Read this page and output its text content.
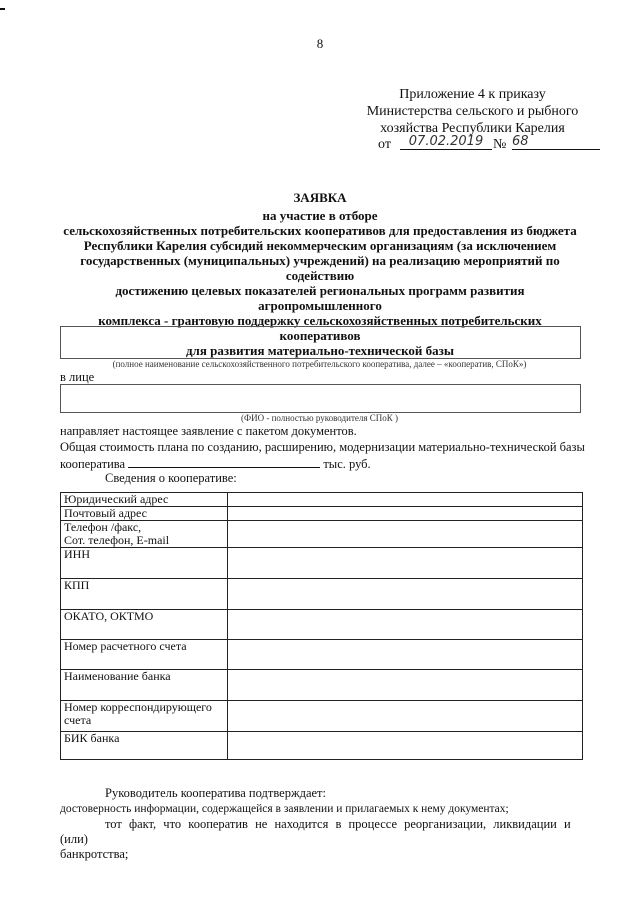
8
Приложение 4 к приказу
Министерства сельского и рыбного
хозяйства Республики Карелия
от	07.02.2019 № 68
ЗАЯВКА
на участие в отборе
сельскохозяйственных потребительских кооперативов для предоставления из бюджета
Республики Карелия субсидий некоммерческим организациям (за исключением
государственных (муниципальных) учреждений) на реализацию мероприятий по содействию
достижению целевых показателей региональных программ развития агропромышленного
комплекса - грантовую поддержку сельскохозяйственных потребительских кооперативов
для развития материально-технической базы
(полное наименование сельскохозяйственного потребительского кооператива, далее – «кооператив, СПоК»)
в лице
(ФИО - полностью руководителя СПоК )
направляет настоящее заявление с пакетом документов.
Общая стоимость плана по созданию, расширению, модернизации материально-технической базы
кооператива	тыс. руб.
Сведения о кооперативе:
Юридический адрес	
Почтовый адрес	
Телефон /факс,
Сот. телефон, E-mail	
ИНН	
КПП	
ОКАТО, ОКТМО	
Номер расчетного счета	
Наименование банка	
Номер корреспондирующего
счета	
БИК банка	

Руководитель кооператива подтверждает:

достоверность информации, содержащейся в заявлении и прилагаемых к нему документах;

тот факт, что кооператив не находится в процессе реорганизации, ликвидации и (или)

банкротства;
